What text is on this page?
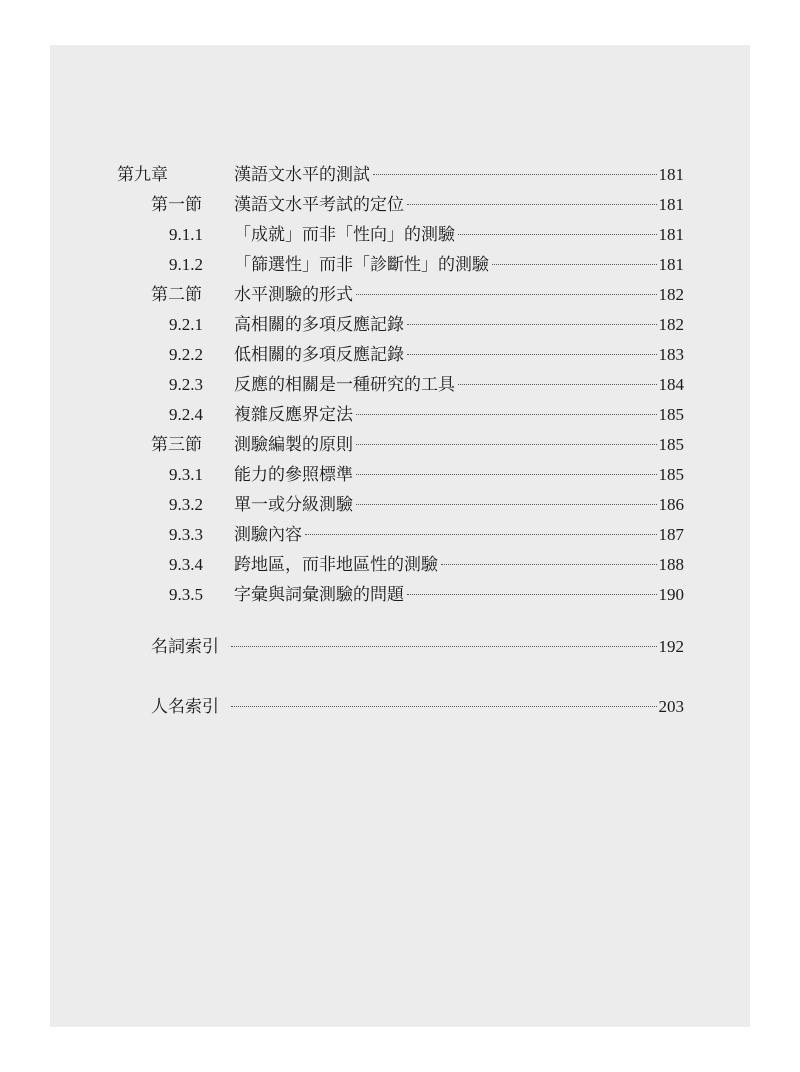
第九章	漢語文水平的測試	181
第一節 漢語文水平考試的定位	181
9.1.1 「成就」而非「性向」的測驗	181
9.1.2 「篩選性」而非「診斷性」的測驗	181
第二節 水平測驗的形式	182
9.2.1 高相關的多項反應記錄	182
9.2.2 低相關的多項反應記錄	183
9.2.3 反應的相關是一種研究的工具	184
9.2.4 複雜反應界定法	185
第三節 測驗編製的原則	185
9.3.1 能力的參照標準	185
9.3.2 單一或分級測驗	186
9.3.3 測驗內容	187
9.3.4 跨地區，而非地區性的測驗	188
9.3.5 字彙與詞彙測驗的問題	190
名詞索引	192
人名索引	203
